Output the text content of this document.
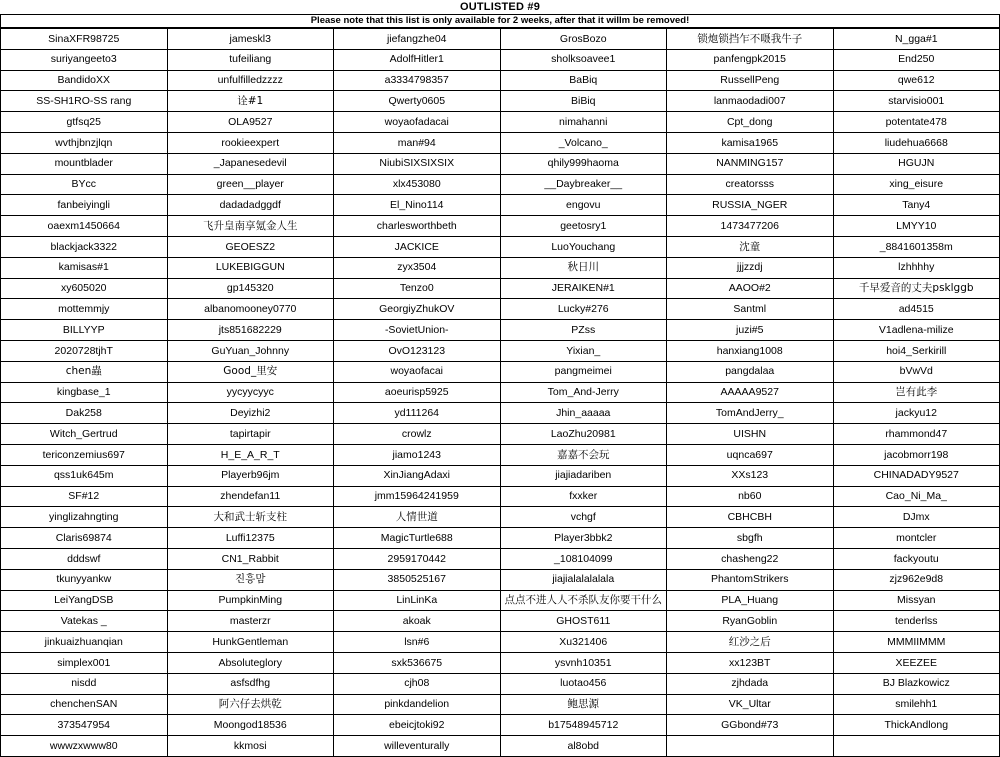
OUTLISTED #9
Please note that this list is only available for 2 weeks, after that it willm be removed!
SinaXFR98725	jameskl3	jiefangzhe04	GrosBozo	锁炮锁挡乍不嗫我牛子	N_gga#1
suriyangeeto3	tufeiliang	AdolfHitler1	sholksoavee1	panfengpk2015	End250
BandidoXX	unfulfilledzzzz	a3334798357	BaBiq	RussellPeng	qwe612
SS-SH1RO-SS rang	诠#1	Qwerty0605	BiBiq	lanmaodadi007	starvisio001
gtfsq25	OLA9527	woyaofadacai	nimahanni	Cpt_dong	potentate478
wvthjbnzjlqn	rookieexpert	man#94	_Volcano_	kamisa1965	liudehua6668
mountblader	_Japanesedevil	NiubiSIXSIXSIX	qhily999haoma	NANMING157	HGUJN
BYcc	green__player	xlx453080	__Daybreaker__	creatorsss	xing_eisure
fanbeiyingli	dadadadggdf	El_Nino114	engovu	RUSSIA_NGER	Tany4
oaexm1450664	飞升皇南享氪金人生	charlesworthbeth	geetosry1	1473477206	LMYY10
blackjack3322	GEOESZ2	JACKICE	LuoYouchang	沈童	_8841601358m
kamisas#1	LUKEBIGGUN	zyx3504	秋日川	jjjzzdj	lzhhhhy
xy605020	gp145320	Tenzo0	JERAIKEN#1	AAOO#2	千早爱音的丈夫psklggb
mottemmjy	albanomooney0770	GeorgiyZhukOV	Lucky#276	Santml	ad4515
BILLYYP	jts851682229	-SovietUnion-	PZss	juzi#5	V1adlena-milize
2020728tjhT	GuYuan_Johnny	OvO123123	Yixian_	hanxiang1008	hoi4_Serkirill
chen蟲	Good_里安	woyaofacai	pangmeimei	pangdalaa	bVwVd
kingbase_1	yycyycyyc	aoeurisp5925	Tom_And-Jerry	AAAAA9527	岂有此李
Dak258	Deyizhi2	yd111264	Jhin_aaaaa	TomAndJerry_	jackyu12
Witch_Gertrud	tapirtapir	crowlz	LaoZhu20981	UISHN	rhammond47
tericonzemius697	H_E_A_R_T	jiamo1243	嘉嘉不会玩	uqnca697	jacobmorr198
qss1uk645m	Playerb96jm	XinJiangAdaxi	jiajiadariben	XXs123	CHINADADY9527
SF#12	zhendefan11	jmm15964241959	fxxker	nb60	Cao_Ni_Ma_
yinglizahngting	大和武士斩支柱	人情世道	vchgf	CBHCBH	DJmx
Claris69874	Luffi12375	MagicTurtle688	Player3bbk2	sbgfh	montcler
dddswf	CN1_Rabbit	2959170442	_108104099	chasheng22	fackyoutu
tkunyyankw	진흥맘	3850525167	jiajialalalalala	PhantomStrikers	zjz962e9d8
LeiYangDSB	PumpkinMing	LinLinKa	点点不进人人不杀队友你要干什么	PLA_Huang	Missyan
Vatekas _	masterzr	akoak	GHOST611	RyanGoblin	tenderlss
jinkuaizhuanqian	HunkGentleman	lsn#6	Xu321406	红沙之后	MMMIIMMM
simplex001	Absoluteglory	sxk536675	ysvnh10351	xx123BT	XEEZEE
nisdd	asfsdfhg	cjh08	luotao456	zjhdada	BJ Blazkowicz
chenchenSAN	阿六仔去烘乾	pinkdandelion	鲍思源	VK_Ultar	smilehh1
373547954	Moongod18536	ebeicjtoki92	b17548945712	GGbond#73	ThickAndlong
wwwzxwww80	kkmosi	willeventurally	al8obd		
